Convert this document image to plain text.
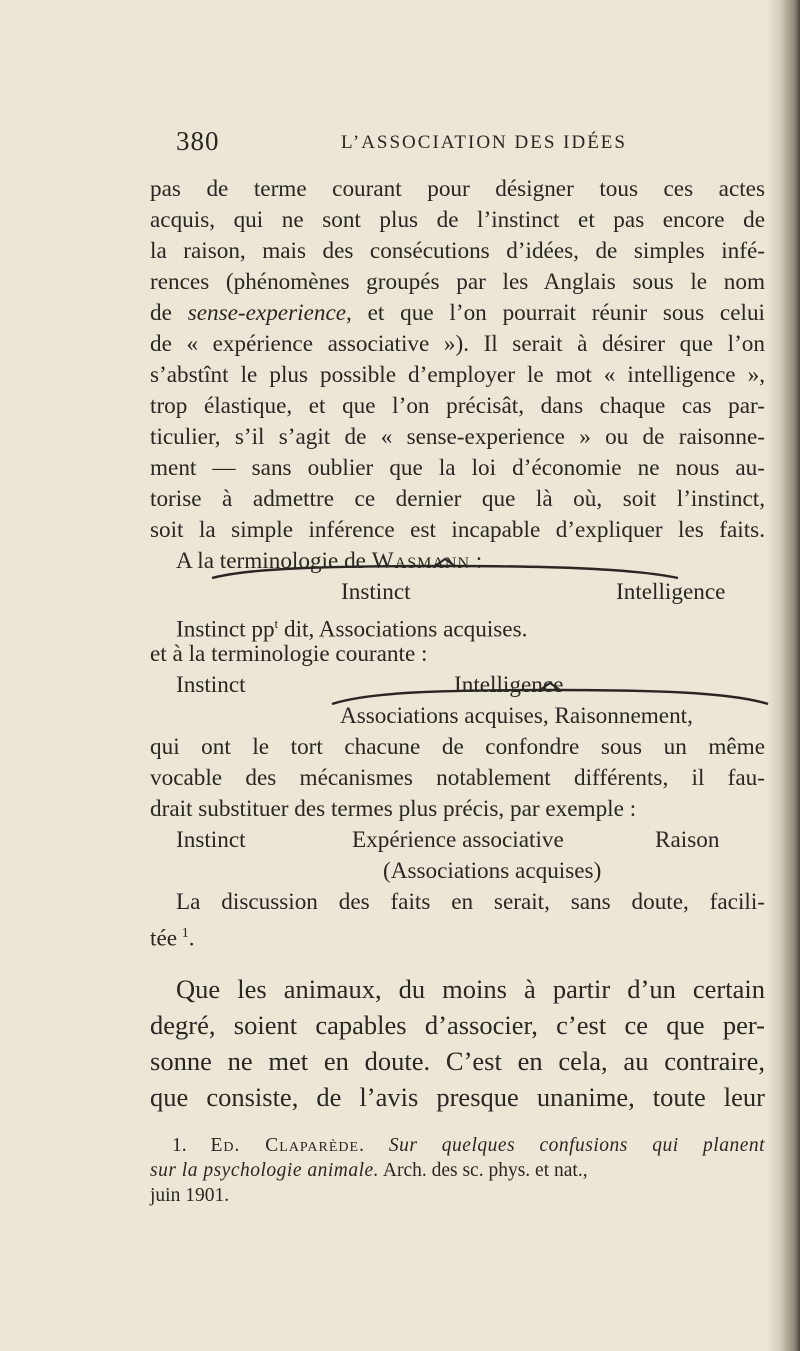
380	L’ASSOCIATION DES IDÉES
pas de terme courant pour désigner tous ces actes
acquis, qui ne sont plus de l’instinct et pas encore de
la raison, mais des consécutions d’idées, de simples infé-
rences (phénomènes groupés par les Anglais sous le nom
de sense-experience, et que l’on pourrait réunir sous celui
de « expérience associative »). Il serait à désirer que l’on
s’abstînt le plus possible d’employer le mot « intelligence »,
trop élastique, et que l’on précisât, dans chaque cas par-
ticulier, s’il s’agit de « sense-experience » ou de raisonne-
ment — sans oublier que la loi d’économie ne nous au-
torise à admettre ce dernier que là où, soit l’instinct,
soit la simple inférence est incapable d’expliquer les faits.
A la terminologie de Wasmann :
Instinct	Intelligence
Instinct $pp^t$ dit, Associations acquises.
et à la terminologie courante :
Instinct	Intelligence
Associations acquises, Raisonnement,
qui ont le tort chacune de confondre sous un même
vocable des mécanismes notablement différents, il fau-
drait substituer des termes plus précis, par exemple :
Instinct	Expérience associative	Raison
(Associations acquises)
La discussion des faits en serait, sans doute, facili-
tée  $^1$.
Que les animaux, du moins à partir d’un certain
degré, soient capables d’associer, c’est ce que per-
sonne ne met en doute. C’est en cela, au contraire,
que consiste, de l’avis presque unanime, toute leur
1. Ed. Claparède. Sur quelques confusions qui planent
sur la psychologie animale. Arch. des sc. phys. et nat.,
juin 1901.
